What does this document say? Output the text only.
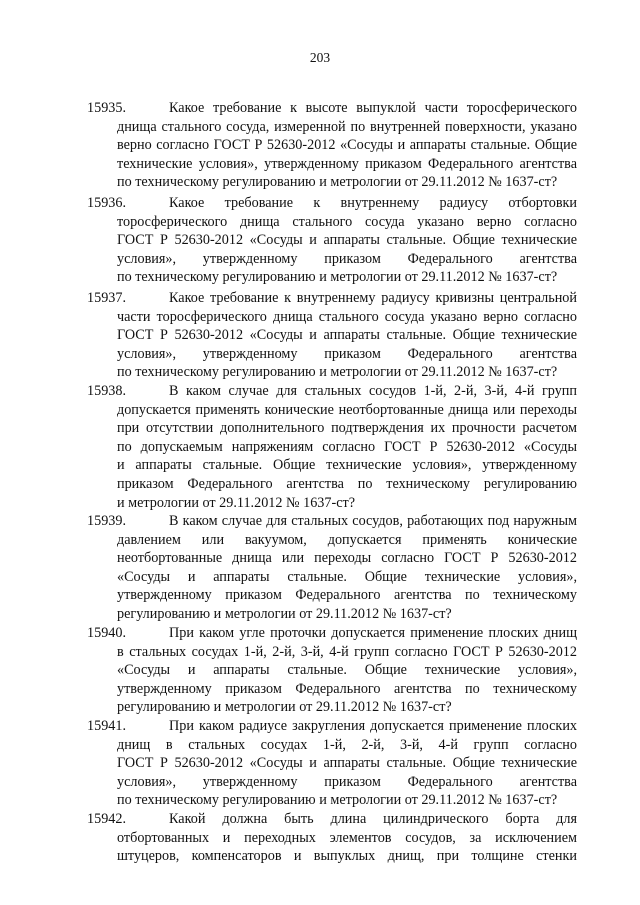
203
15935.	Какое требование к высоте выпуклой части торосферического
днища стального сосуда, измеренной по внутренней поверхности, указано
верно согласно ГОСТ Р 52630-2012 «Сосуды и аппараты стальные. Общие
технические условия», утвержденному приказом Федерального агентства
по техническому регулированию и метрологии от 29.11.2012 № 1637-ст?
15936.	Какое требование к внутреннему радиусу отбортовки
торосферического днища стального сосуда указано верно согласно
ГОСТ Р 52630-2012 «Сосуды и аппараты стальные. Общие технические
условия», утвержденному приказом Федерального агентства
по техническому регулированию и метрологии от 29.11.2012 № 1637-ст?
15937.	Какое требование к внутреннему радиусу кривизны центральной
части торосферического днища стального сосуда указано верно согласно
ГОСТ Р 52630-2012 «Сосуды и аппараты стальные. Общие технические
условия», утвержденному приказом Федерального агентства
по техническому регулированию и метрологии от 29.11.2012 № 1637-ст?
15938.	В каком случае для стальных сосудов 1-й, 2-й, 3-й, 4-й групп
допускается применять конические неотбортованные днища или переходы
при отсутствии дополнительного подтверждения их прочности расчетом
по допускаемым напряжениям согласно ГОСТ Р 52630-2012 «Сосуды
и аппараты стальные. Общие технические условия», утвержденному
приказом Федерального агентства по техническому регулированию
и метрологии от 29.11.2012 № 1637-ст?
15939.	В каком случае для стальных сосудов, работающих под наружным
давлением или вакуумом, допускается применять конические
неотбортованные днища или переходы согласно ГОСТ Р 52630-2012
«Сосуды и аппараты стальные. Общие технические условия»,
утвержденному приказом Федерального агентства по техническому
регулированию и метрологии от 29.11.2012 № 1637-ст?
15940.	При каком угле проточки допускается применение плоских днищ
в стальных сосудах 1-й, 2-й, 3-й, 4-й групп согласно ГОСТ Р 52630-2012
«Сосуды и аппараты стальные. Общие технические условия»,
утвержденному приказом Федерального агентства по техническому
регулированию и метрологии от 29.11.2012 № 1637-ст?
15941.	При каком радиусе закругления допускается применение плоских
днищ в стальных сосудах 1-й, 2-й, 3-й, 4-й групп согласно
ГОСТ Р 52630-2012 «Сосуды и аппараты стальные. Общие технические
условия», утвержденному приказом Федерального агентства
по техническому регулированию и метрологии от 29.11.2012 № 1637-ст?
15942.	Какой должна быть длина цилиндрического борта для
отбортованных и переходных элементов сосудов, за исключением
штуцеров, компенсаторов и выпуклых днищ, при толщине стенки
